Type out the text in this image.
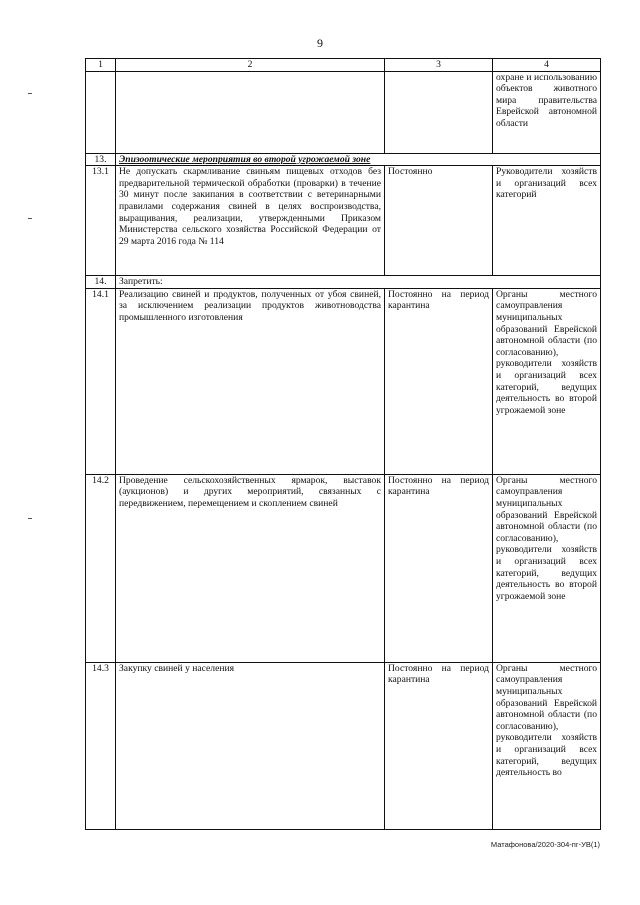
9
1	2	3	4
			охране и использованию объектов животного мира правительства Еврейской автономной области
13.	Эпизоотические мероприятия во второй угрожаемой зоне		
13.1	Не допускать скармливание свиньям пищевых отходов без предварительной термической обработки (проварки) в течение 30 минут после закипания в соответствии с ветеринарными правилами содержания свиней в целях воспроизводства, выращивания, реализации, утвержденными Приказом Министерства сельского хозяйства Российской Федерации от 29 марта 2016 года № 114	Постоянно	Руководители хозяйств и организаций всех категорий
14.	Запретить:		
14.1	Реализацию свиней и продуктов, полученных от убоя свиней, за исключением реализации продуктов животноводства промышленного изготовления	Постоянно на период карантина	Органы местного самоуправления муниципальных образований Еврейской автономной области (по согласованию), руководители хозяйств и организаций всех категорий, ведущих деятельность во второй угрожаемой зоне
14.2	Проведение сельскохозяйственных ярмарок, выставок (аукционов) и других мероприятий, связанных с передвижением, перемещением и скоплением свиней	Постоянно на период карантина	Органы местного самоуправления муниципальных образований Еврейской автономной области (по согласованию), руководители хозяйств и организаций всех категорий, ведущих деятельность во второй угрожаемой зоне
14.3	Закупку свиней у населения	Постоянно на период карантина	Органы местного самоуправления муниципальных образований Еврейской автономной области (по согласованию), руководители хозяйств и организаций всех категорий, ведущих деятельность во
Матафонова/2020-304-пг-УВ(1)
